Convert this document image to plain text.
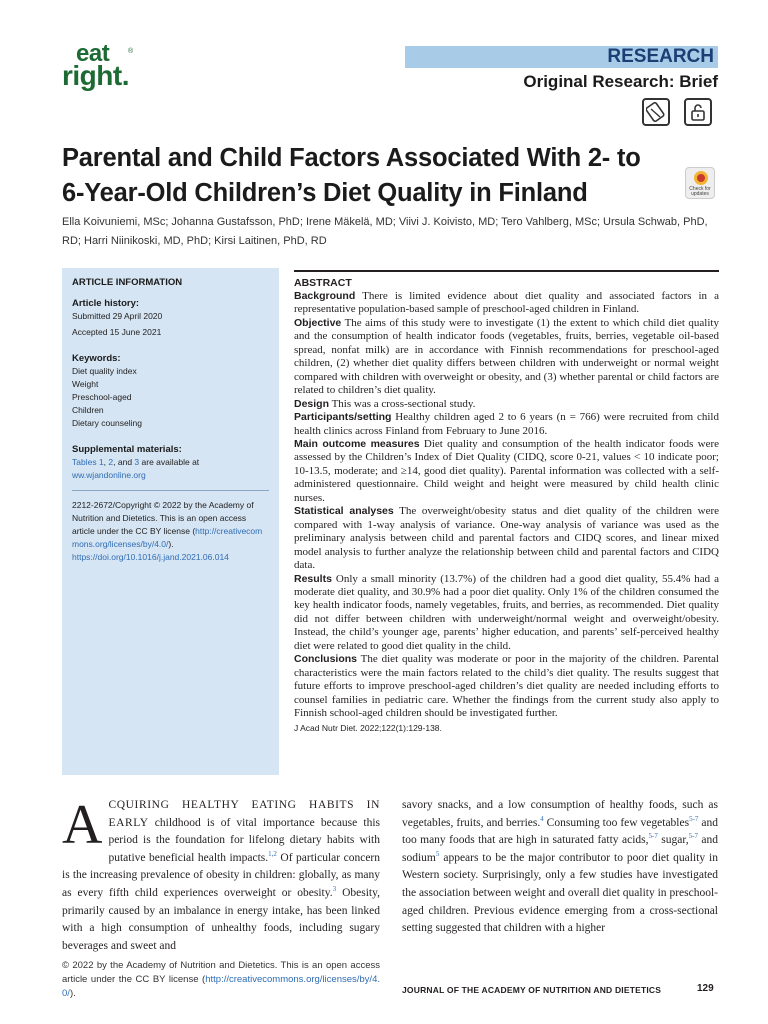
eat	®
right.
RESEARCH
Original Research: Brief
Parental and Child Factors Associated With 2- to 6-Year-Old Children’s Diet Quality in Finland	Check for updates
Ella Koivuniemi, MSc; Johanna Gustafsson, PhD; Irene Mäkelä, MD; Viivi J. Koivisto, MD; Tero Vahlberg, MSc; Ursula Schwab, PhD, RD; Harri Niinikoski, MD, PhD; Kirsi Laitinen, PhD, RD
ARTICLE INFORMATION
Article history:
Submitted 29 April 2020
Accepted 15 June 2021
Keywords:
Diet quality index
Weight
Preschool-aged
Children
Dietary counseling
Supplemental materials:
Tables 1, 2, and 3 are available at ww.wjandonline.org
2212-2672/Copyright © 2022 by the Academy of Nutrition and Dietetics. This is an open access article under the CC BY license (http://creativecommons.org/licenses/by/4.0/).
https://doi.org/10.1016/j.jand.2021.06.014
ABSTRACT

Background There is limited evidence about diet quality and associated factors in a representative population-based sample of preschool-aged children in Finland.

Objective The aims of this study were to investigate (1) the extent to which child diet quality and the consumption of health indicator foods (vegetables, fruits, berries, vegetable oil-based spread, nonfat milk) are in accordance with Finnish recommendations for preschool-aged children, (2) whether diet quality differs between children with underweight or normal weight compared with children with overweight or obesity, and (3) whether parental or child factors are related to children’s diet quality.

Design This was a cross-sectional study.

Participants/setting Healthy children aged 2 to 6 years (n = 766) were recruited from child health clinics across Finland from February to June 2016.

Main outcome measures Diet quality and consumption of the health indicator foods were assessed by the Children’s Index of Diet Quality (CIDQ, score 0-21, values < 10 indicate poor; 10-13.5, moderate; and ≥14, good diet quality). Parental information was collected with a self-administered questionnaire. Child weight and height were measured by child health clinic nurses.

Statistical analyses The overweight/obesity status and diet quality of the children were compared with 1-way analysis of variance. One-way analysis of variance was used as the preliminary analysis between child and parental factors and CIDQ scores, and linear mixed model analysis to further analyze the relationship between child and parental factors and CIDQ data.

Results Only a small minority (13.7%) of the children had a good diet quality, 55.4% had a moderate diet quality, and 30.9% had a poor diet quality. Only 1% of the children consumed the key health indicator foods, namely vegetables, fruits, and berries, as recommended. Diet quality did not differ between children with underweight/normal weight and overweight/obesity. Instead, the child’s younger age, parents’ higher education, and parents’ self-perceived healthy diet were related to good diet quality in the child.

Conclusions The diet quality was moderate or poor in the majority of the children. Parental characteristics were the main factors related to the child’s diet quality. The results suggest that future efforts to improve preschool-aged children’s diet quality are needed including efforts to counsel families in pediatric care. Whether the findings from the current study also apply to Finnish school-aged children should be investigated further.

J Acad Nutr Diet. 2022;122(1):129-138.
ACQUIRING HEALTHY EATING HABITS IN EARLY childhood is of vital importance because this period is the foundation for lifelong dietary habits with putative beneficial health impacts.$^{1,2}$ Of particular concern is the increasing prevalence of obesity in children: globally, as many as every fifth child experiences overweight or obesity.$^3$ Obesity, primarily caused by an imbalance in energy intake, has been linked with a high consumption of unhealthy foods, including sugary beverages and sweet and
savory snacks, and a low consumption of healthy foods, such as vegetables, fruits, and berries.$^4$ Consuming too few vegetables$^{5-7}$ and too many foods that are high in saturated fatty acids,$^{5-7}$ sugar,$^{5-7}$ and sodium$^5$ appears to be the major contributor to poor diet quality in Western society. Surprisingly, only a few studies have investigated the association between weight and overall diet quality in preschool-aged children. Previous evidence emerging from a cross-sectional setting suggested that children with a higher
© 2022 by the Academy of Nutrition and Dietetics. This is an open access article under the CC BY license (http://creativecommons.org/licenses/by/4.0/).	JOURNAL OF THE ACADEMY OF NUTRITION AND DIETETICS	129
